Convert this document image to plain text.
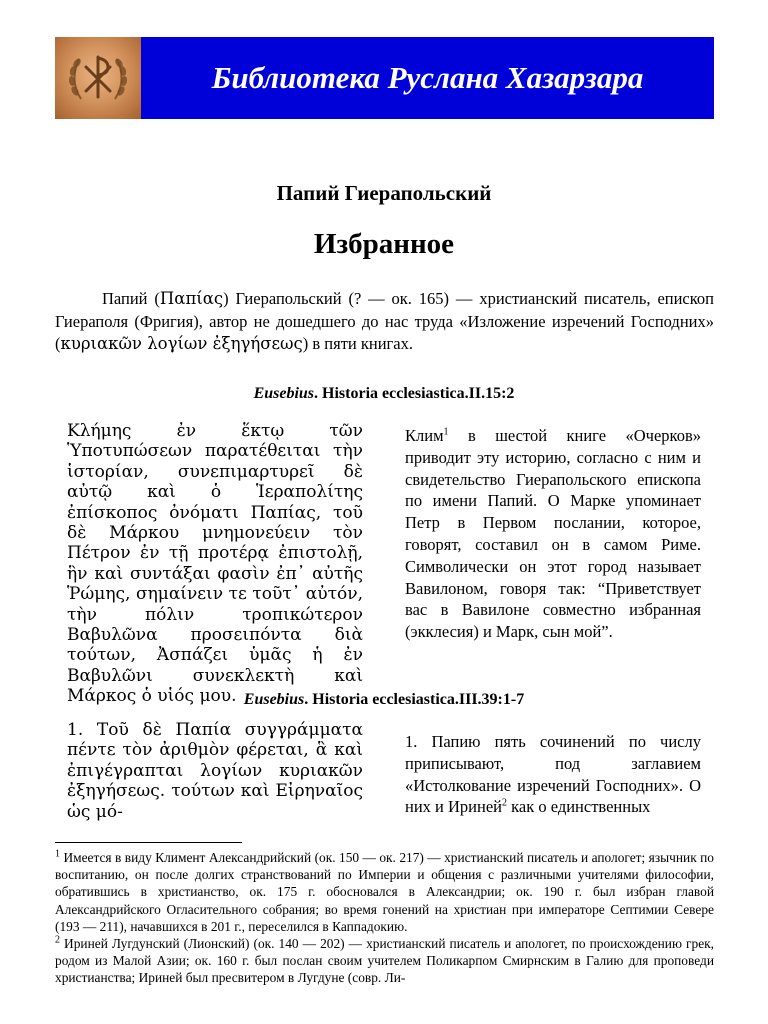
Библиотека Руслана Хазарзара
Папий Гиерапольский
Избранное

Папий (Παπίας) Гиерапольский (? — ок. 165) — христианский писатель, епископ Гиераполя (Фригия), автор не дошедшего до нас труда «Изложение изречений Господних» (κυριακῶν λογίων ἐξηγήσεως) в пяти книгах.

Eusebius. Historia ecclesiastica.II.15:2

Κλήμης ἐν ἕκτῳ τῶν Ὑποτυπώσεων παρατέθειται τὴν ἱστορίαν, συνεπιμαρτυρεῖ δὲ αὐτῷ καὶ ὁ Ἱεραπολίτης ἐπίσκοπος ὀνόματι Παπίας, τοῦ δὲ Μάρκου μνημονεύειν τὸν Πέτρον ἐν τῇ προτέρᾳ ἐπιστολῇ, ἣν καὶ συντάξαι φασὶν ἐπ᾽ αὐτῆς Ῥώμης, σημαίνειν τε τοῦτ᾽ αὐτόν, τὴν πόλιν τροπικώτερον Βαβυλῶνα προσειπόντα διὰ τούτων, Ἀσπάζει ὑμᾶς ἡ ἐν Βαβυλῶνι συνεκλεκτὴ καὶ Μάρκος ὁ υἱός μου.

Клим$^1$ в шестой книге «Очерков» приводит эту историю, согласно с ним и свидетельство Гиерапольского епископа по имени Папий. О Марке упоминает Петр в Первом послании, которое, говорят, составил он в самом Риме. Символически он этот город называет Вавилоном, говоря так: “Приветствует вас в Вавилоне совместно избранная (экклесия) и Марк, сын мой”.

Eusebius. Historia ecclesiastica.III.39:1-7

1. Τοῦ δὲ Παπία συγγράμματα πέντε τὸν ἀριθμὸν φέρεται, ἃ καὶ ἐπιγέγραπται λογίων κυριακῶν ἐξηγήσεως. τούτων καὶ Εἰρηναῖος ὡς μό-

1. Папию пять сочинений по числу приписывают, под заглавием «Истолкование изречений Господних». О них и Ириней$^2$ как о единственных

$^1$ Имеется в виду Климент Александрийский (ок. 150 — ок. 217) — христианский писатель и апологет; язычник по воспитанию, он после долгих странствований по Империи и общения с различными учителями философии, обратившись в христианство, ок. 175 г. обосновался в Александрии; ок. 190 г. был избран главой Александрийского Огласительного собрания; во время гонений на христиан при императоре Септимии Севере (193 — 211), начавшихся в 201 г., переселился в Каппадокию.

$^2$ Ириней Лугдунский (Лионский) (ок. 140 — 202) — христианский писатель и апологет, по происхождению грек, родом из Малой Азии; ок. 160 г. был послан своим учителем Поликарпом Смирнским в Галию для проповеди христианства; Ириней был пресвитером в Лугдуне (совр. Ли-
